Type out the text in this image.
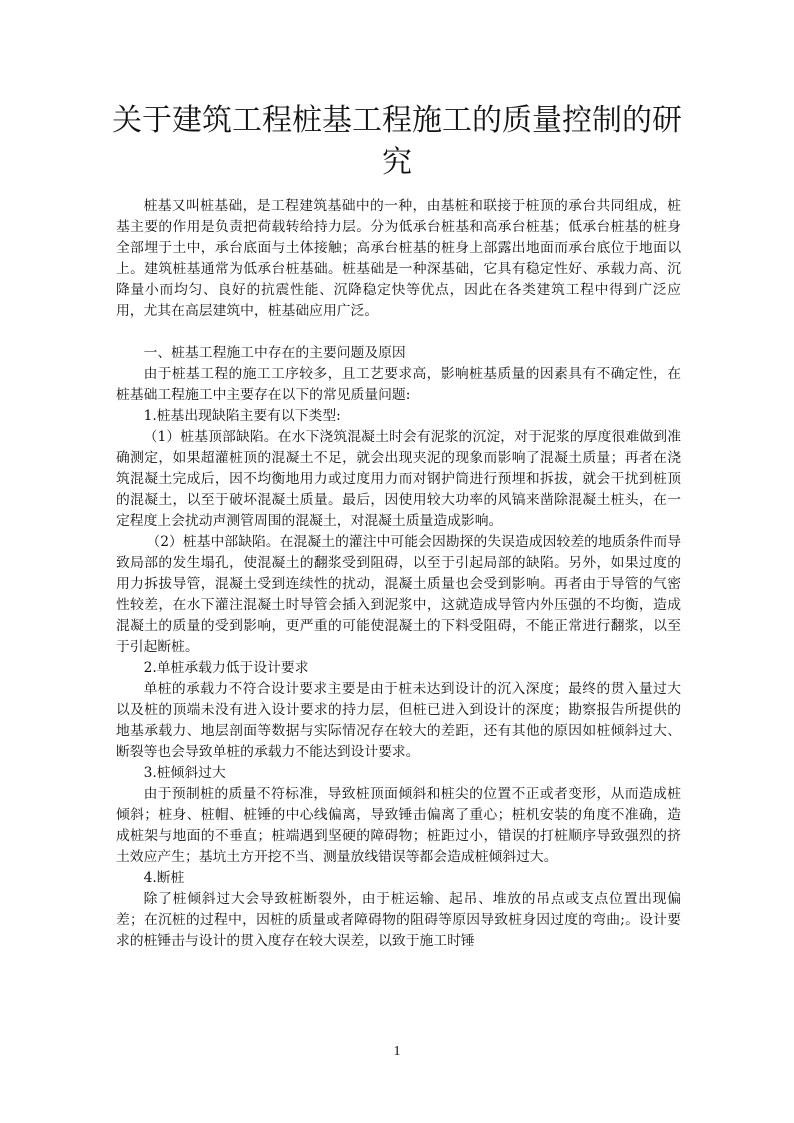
关于建筑工程桩基工程施工的质量控制的研究

桩基又叫桩基础，是工程建筑基础中的一种，由基桩和联接于桩顶的承台共同组成，桩基主要的作用是负责把荷载转给持力层。分为低承台桩基和高承台桩基；低承台桩基的桩身全部埋于土中，承台底面与土体接触；高承台桩基的桩身上部露出地面而承台底位于地面以上。建筑桩基通常为低承台桩基础。桩基础是一种深基础，它具有稳定性好、承载力高、沉降量小而均匀、良好的抗震性能、沉降稳定快等优点，因此在各类建筑工程中得到广泛应用，尤其在高层建筑中，桩基础应用广泛。

一、桩基工程施工中存在的主要问题及原因

由于桩基工程的施工工序较多，且工艺要求高，影响桩基质量的因素具有不确定性，在桩基础工程施工中主要存在以下的常见质量问题:

1.桩基出现缺陷主要有以下类型:

（1）桩基顶部缺陷。在水下浇筑混凝土时会有泥浆的沉淀，对于泥浆的厚度很难做到准确测定，如果超灌桩顶的混凝土不足，就会出现夹泥的现象而影响了混凝土质量；再者在浇筑混凝土完成后，因不均衡地用力或过度用力而对钢护筒进行预埋和拆拔，就会干扰到桩顶的混凝土，以至于破坏混凝土质量。最后，因使用较大功率的风镐来凿除混凝土桩头，在一定程度上会扰动声测管周围的混凝土，对混凝土质量造成影响。

（2）桩基中部缺陷。在混凝土的灌注中可能会因勘探的失误造成因较差的地质条件而导致局部的发生塌孔，使混凝土的翻浆受到阻碍，以至于引起局部的缺陷。另外，如果过度的用力拆拔导管，混凝土受到连续性的扰动，混凝土质量也会受到影响。再者由于导管的气密性较差，在水下灌注混凝土时导管会插入到泥浆中，这就造成导管内外压强的不均衡，造成混凝土的质量的受到影响，更严重的可能使混凝土的下料受阻碍，不能正常进行翻浆，以至于引起断桩。

2.单桩承载力低于设计要求

单桩的承载力不符合设计要求主要是由于桩未达到设计的沉入深度；最终的贯入量过大以及桩的顶端未没有进入设计要求的持力层，但桩已进入到设计的深度；勘察报告所提供的地基承载力、地层剖面等数据与实际情况存在较大的差距，还有其他的原因如桩倾斜过大、断裂等也会导致单桩的承载力不能达到设计要求。

3.桩倾斜过大

由于预制桩的质量不符标准，导致桩顶面倾斜和桩尖的位置不正或者变形，从而造成桩倾斜；桩身、桩帽、桩锤的中心线偏离，导致锤击偏离了重心；桩机安装的角度不准确，造成桩架与地面的不垂直；桩端遇到坚硬的障碍物；桩距过小，错误的打桩顺序导致强烈的挤土效应产生；基坑土方开挖不当、测量放线错误等都会造成桩倾斜过大。

4.断桩

除了桩倾斜过大会导致桩断裂外，由于桩运输、起吊、堆放的吊点或支点位置出现偏差；在沉桩的过程中，因桩的质量或者障碍物的阻碍等原因导致桩身因过度的弯曲;。设计要求的桩锤击与设计的贯入度存在较大误差，以致于施工时锤

1
